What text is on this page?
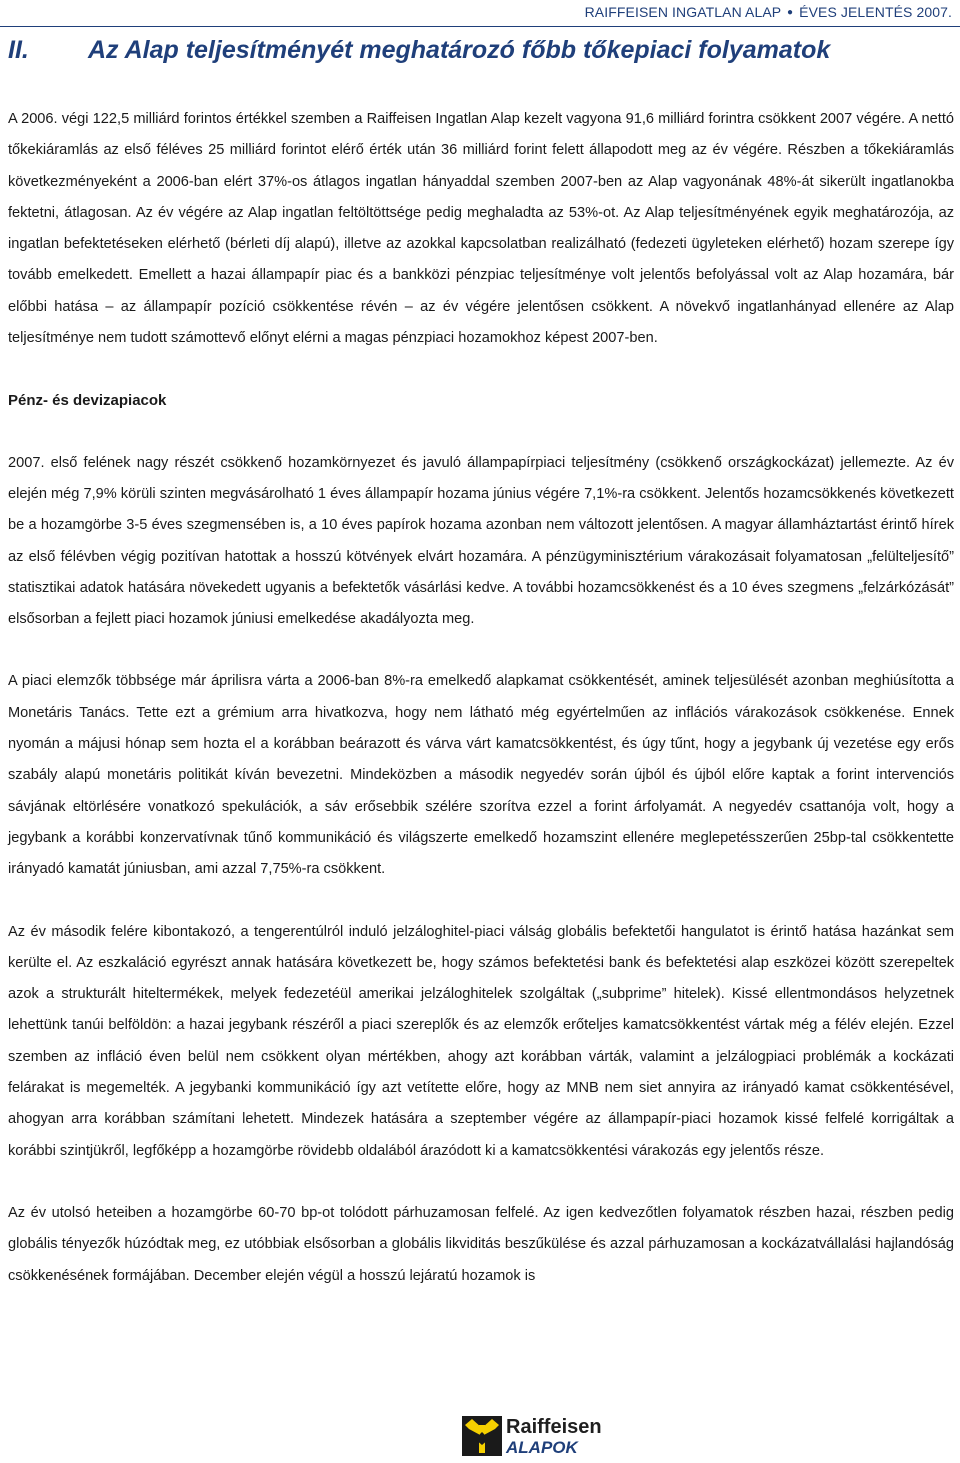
RAIFFEISEN INGATLAN ALAP ● ÉVES JELENTÉS 2007.
II. Az Alap teljesítményét meghatározó főbb tőkepiaci folyamatok

A 2006. végi 122,5 milliárd forintos értékkel szemben a Raiffeisen Ingatlan Alap kezelt vagyona 91,6 milliárd forintra csökkent 2007 végére. A nettó tőkekiáramlás az első féléves 25 milliárd forintot elérő érték után 36 milliárd forint felett állapodott meg az év végére. Részben a tőkekiáramlás következményeként a 2006-ban elért 37%-os átlagos ingatlan hányaddal szemben 2007-ben az Alap vagyonának 48%-át sikerült ingatlanokba fektetni, átlagosan. Az év végére az Alap ingatlan feltöltöttsége pedig meghaladta az 53%-ot. Az Alap teljesítményének egyik meghatározója, az ingatlan befektetéseken elérhető (bérleti díj alapú), illetve az azokkal kapcsolatban realizálható (fedezeti ügyleteken elérhető) hozam szerepe így tovább emelkedett. Emellett a hazai állampapír piac és a bankközi pénzpiac teljesítménye volt jelentős befolyással volt az Alap hozamára, bár előbbi hatása – az állampapír pozíció csökkentése révén – az év végére jelentősen csökkent. A növekvő ingatlanhányad ellenére az Alap teljesítménye nem tudott számottevő előnyt elérni a magas pénzpiaci hozamokhoz képest 2007-ben.

Pénz- és devizapiacok

2007. első felének nagy részét csökkenő hozamkörnyezet és javuló állampapírpiaci teljesítmény (csökkenő országkockázat) jellemezte. Az év elején még 7,9% körüli szinten megvásárolható 1 éves állampapír hozama június végére 7,1%-ra csökkent. Jelentős hozamcsökkenés következett be a hozamgörbe 3-5 éves szegmensében is, a 10 éves papírok hozama azonban nem változott jelentősen. A magyar államháztartást érintő hírek az első félévben végig pozitívan hatottak a hosszú kötvények elvárt hozamára. A pénzügyminisztérium várakozásait folyamatosan „felülteljesítő” statisztikai adatok hatására növekedett ugyanis a befektetők vásárlási kedve. A további hozamcsökkenést és a 10 éves szegmens „felzárkózását” elsősorban a fejlett piaci hozamok júniusi emelkedése akadályozta meg.

A piaci elemzők többsége már áprilisra várta a 2006-ban 8%-ra emelkedő alapkamat csökkentését, aminek teljesülését azonban meghiúsította a Monetáris Tanács. Tette ezt a grémium arra hivatkozva, hogy nem látható még egyértelműen az inflációs várakozások csökkenése. Ennek nyomán a májusi hónap sem hozta el a korábban beárazott és várva várt kamatcsökkentést, és úgy tűnt, hogy a jegybank új vezetése egy erős szabály alapú monetáris politikát kíván bevezetni. Mindeközben a második negyedév során újból és újból előre kaptak a forint intervenciós sávjának eltörlésére vonatkozó spekulációk, a sáv erősebbik szélére szorítva ezzel a forint árfolyamát. A negyedév csattanója volt, hogy a jegybank a korábbi konzervatívnak tűnő kommunikáció és világszerte emelkedő hozamszint ellenére meglepetésszerűen 25bp-tal csökkentette irányadó kamatát júniusban, ami azzal 7,75%-ra csökkent.

Az év második felére kibontakozó, a tengerentúlról induló jelzáloghitel-piaci válság globális befektetői hangulatot is érintő hatása hazánkat sem kerülte el. Az eszkaláció egyrészt annak hatására következett be, hogy számos befektetési bank és befektetési alap eszközei között szerepeltek azok a strukturált hiteltermékek, melyek fedezetéül amerikai jelzáloghitelek szolgáltak („subprime” hitelek). Kissé ellentmondásos helyzetnek lehettünk tanúi belföldön: a hazai jegybank részéről a piaci szereplők és az elemzők erőteljes kamatcsökkentést vártak még a félév elején. Ezzel szemben az infláció éven belül nem csökkent olyan mértékben, ahogy azt korábban várták, valamint a jelzálogpiaci problémák a kockázati felárakat is megemelték. A jegybanki kommunikáció így azt vetítette előre, hogy az MNB nem siet annyira az irányadó kamat csökkentésével, ahogyan arra korábban számítani lehetett. Mindezek hatására a szeptember végére az állampapír-piaci hozamok kissé felfelé korrigáltak a korábbi szintjükről, legfőképp a hozamgörbe rövidebb oldalából árazódott ki a kamatcsökkentési várakozás egy jelentős része.

Az év utolsó heteiben a hozamgörbe 60-70 bp-ot tolódott párhuzamosan felfelé. Az igen kedvezőtlen folyamatok részben hazai, részben pedig globális tényezők húzódtak meg, ez utóbbiak elsősorban a globális likviditás beszűkülése és azzal párhuzamosan a kockázatvállalási hajlandóság csökkenésének formájában. December elején végül a hosszú lejáratú hozamok is

Raiffeisen
ALAPOK
